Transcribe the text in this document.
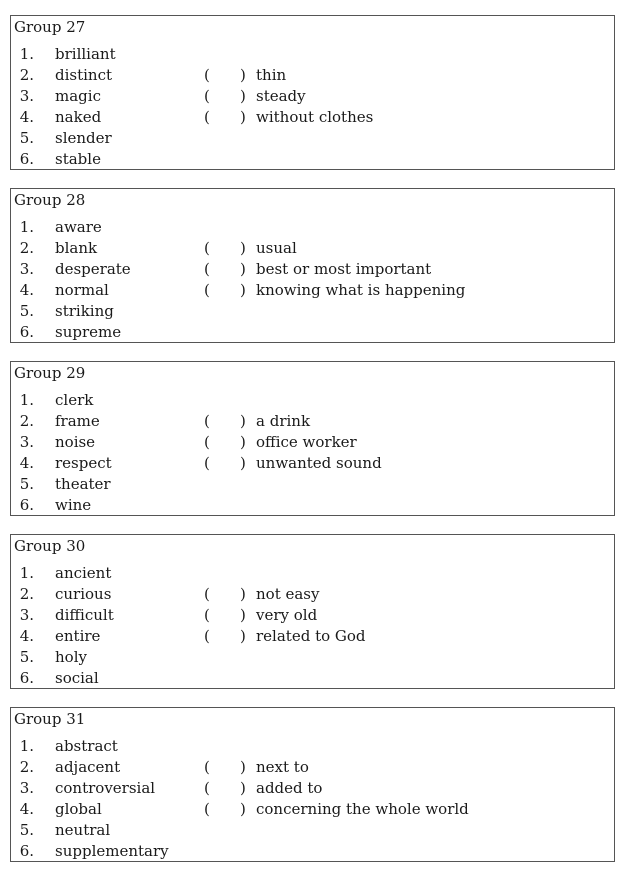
Group 27
1. brilliant
2. distinct	( ) thin
3. magic	( ) steady
4. naked	( ) without clothes
5. slender
6. stable
Group 28
1. aware
2. blank	( ) usual
3. desperate	( ) best or most important
4. normal	( ) knowing what is happening
5. striking
6. supreme
Group 29
1. clerk
2. frame	( ) a drink
3. noise	( ) office worker
4. respect	( ) unwanted sound
5. theater
6. wine
Group 30
1. ancient
2. curious	( ) not easy
3. difficult	( ) very old
4. entire	( ) related to God
5. holy
6. social
Group 31
1. abstract
2. adjacent	( ) next to
3. controversial	( ) added to
4. global	( ) concerning the whole world
5. neutral
6. supplementary
